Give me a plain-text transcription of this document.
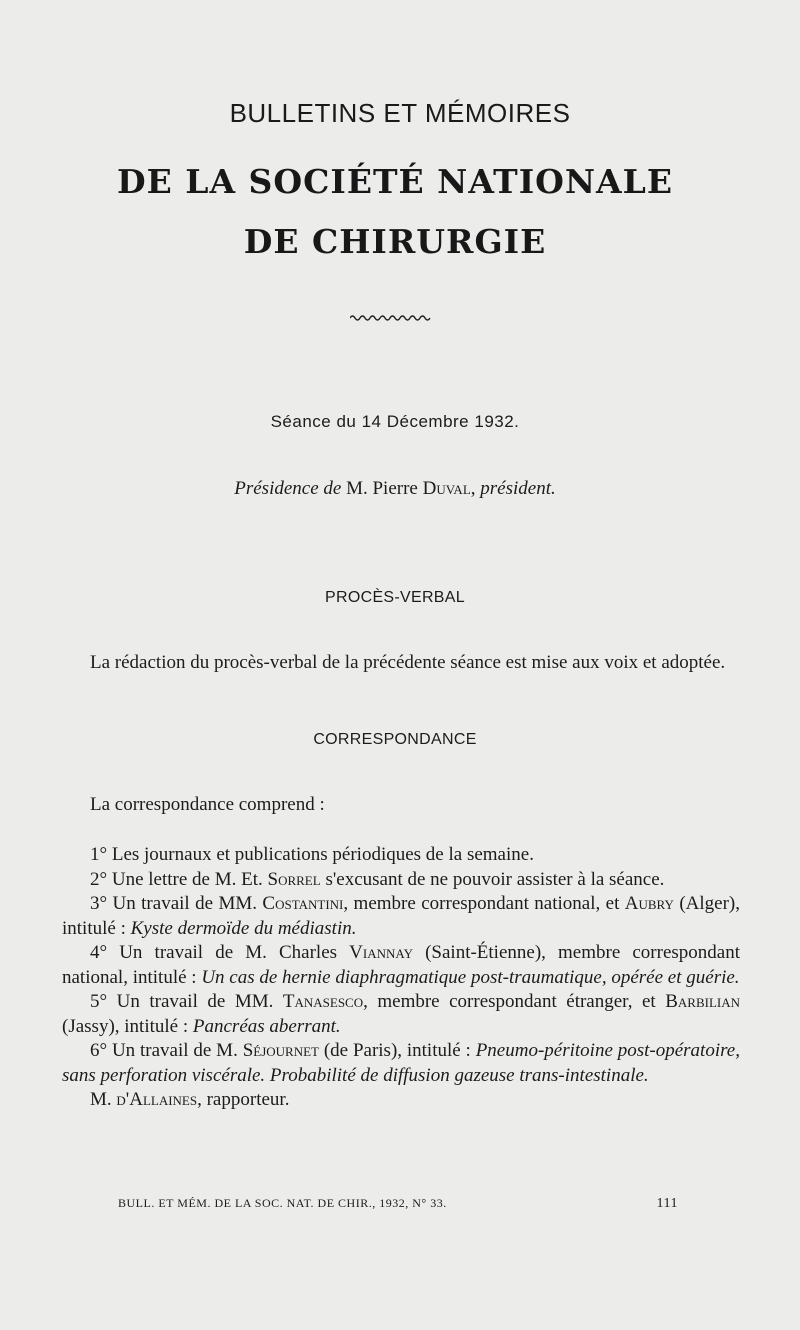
BULLETINS ET MÉMOIRES
DE LA SOCIÉTÉ NATIONALE
DE CHIRURGIE
Séance du 14 Décembre 1932.
Présidence de M. Pierre Duval, président.
PROCÈS-VERBAL

La rédaction du procès-verbal de la précédente séance est mise aux voix et adoptée.

CORRESPONDANCE

La correspondance comprend :

1° Les journaux et publications périodiques de la semaine.

2° Une lettre de M. Et. Sorrel s'excusant de ne pouvoir assister à la séance.

3° Un travail de MM. Costantini, membre correspondant national, et Aubry (Alger), intitulé : Kyste dermoïde du médiastin.

4° Un travail de M. Charles Viannay (Saint-Étienne), membre correspondant national, intitulé : Un cas de hernie diaphragmatique post-traumatique, opérée et guérie.

5° Un travail de MM. Tanasesco, membre correspondant étranger, et Barbilian (Jassy), intitulé : Pancréas aberrant.

6° Un travail de M. Séjournet (de Paris), intitulé : Pneumo-péritoine post-opératoire, sans perforation viscérale. Probabilité de diffusion gazeuse trans-intestinale.

M. d'Allaines, rapporteur.

BULL. ET MÉM. DE LA SOC. NAT. DE CHIR., 1932, N° 33.	111
